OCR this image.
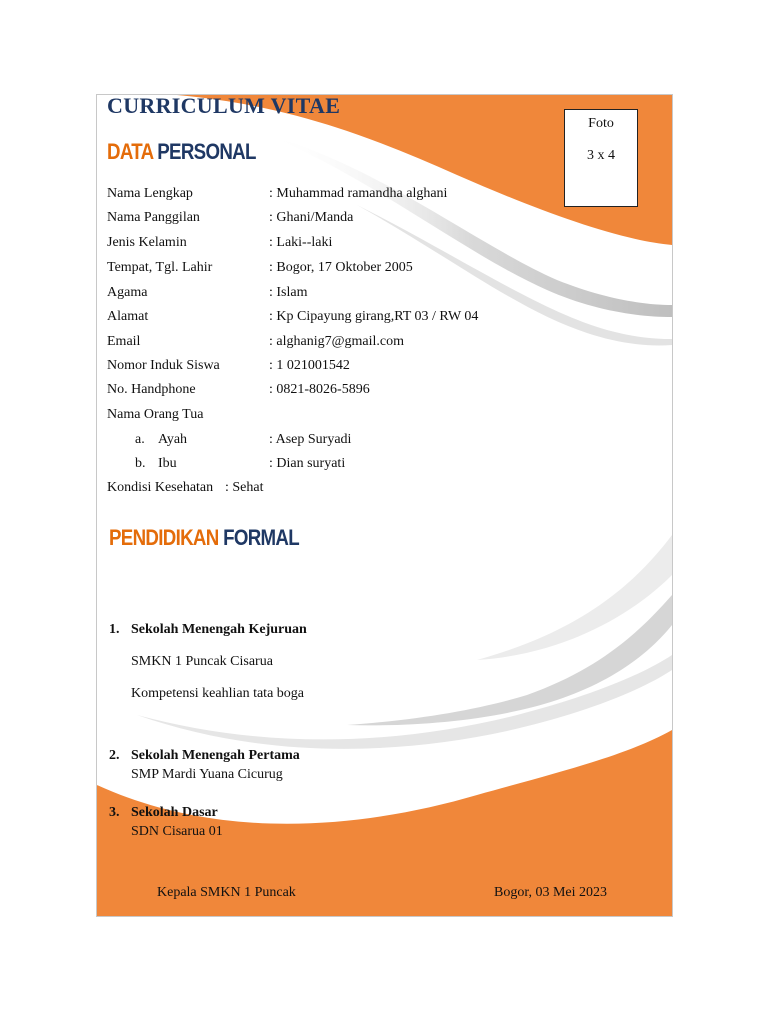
CURRICULUM VITAE
DATA PERSONAL
Foto
3 x 4
Nama Lengkap	: Muhammad ramandha alghani
Nama Panggilan	: Ghani/Manda
Jenis Kelamin	: Laki--laki
Tempat, Tgl. Lahir	: Bogor, 17 Oktober 2005
Agama	: Islam
Alamat	: Kp Cipayung girang,RT 03 / RW 04
Email	: alghanig7@gmail.com
Nomor Induk Siswa	: 1 021001542
No. Handphone	: 0821-8026-5896
Nama Orang Tua
a. Ayah	: Asep Suryadi
b. Ibu	: Dian suryati
Kondisi Kesehatan : Sehat
PENDIDIKAN FORMAL
1. Sekolah Menengah Kejuruan
SMKN 1 Puncak Cisarua
Kompetensi keahlian tata boga
2. Sekolah Menengah Pertama
SMP Mardi Yuana Cicurug
3. Sekolah Dasar
SDN Cisarua 01
Kepala SMKN 1 Puncak	Bogor, 03 Mei 2023
